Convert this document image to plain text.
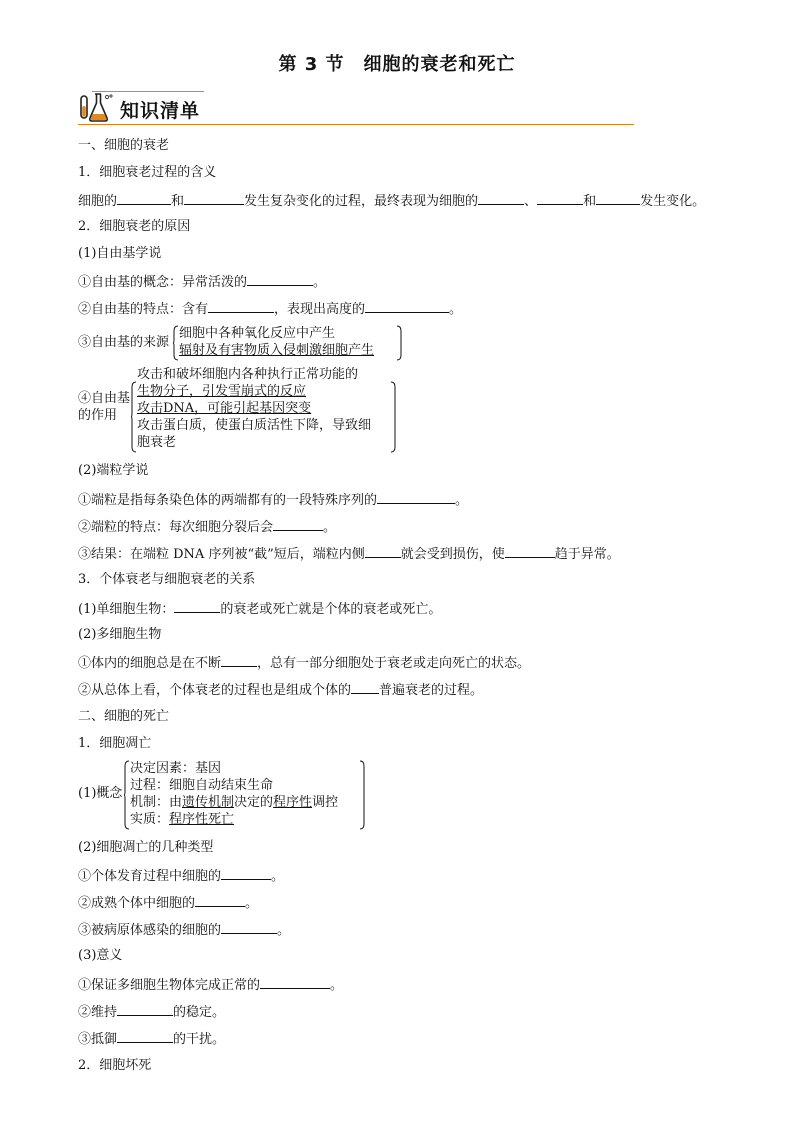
第 3 节　细胞的衰老和死亡
知识清单
一、细胞的衰老
1．细胞衰老过程的含义
细胞的	和	发生复杂变化的过程，最终表现为细胞的	、	和	发生变化。
2．细胞衰老的原因
(1)自由基学说
①自由基的概念：异常活泼的	。
②自由基的特点：含有	，表现出高度的	。
③自由基的来源
细胞中各种氧化反应中产生
辐射及有害物质入侵刺激细胞产生
④自由基
的作用
攻击和破坏细胞内各种执行正常功能的
生物分子，引发雪崩式的反应
攻击DNA，可能引起基因突变
攻击蛋白质，使蛋白质活性下降，导致细
胞衰老
(2)端粒学说
①端粒是指每条染色体的两端都有的一段特殊序列的	。
②端粒的特点：每次细胞分裂后会	。
③结果：在端粒 DNA 序列被“截”短后，端粒内侧	就会受到损伤，使	趋于异常。
3．个体衰老与细胞衰老的关系
(1)单细胞生物：	的衰老或死亡就是个体的衰老或死亡。
(2)多细胞生物
①体内的细胞总是在不断	，总有一部分细胞处于衰老或走向死亡的状态。
②从总体上看，个体衰老的过程也是组成个体的 普遍衰老的过程。
二、细胞的死亡
1．细胞凋亡
(1)概念
决定因素：基因
过程：细胞自动结束生命
机制：由遗传机制决定的程序性调控
实质：程序性死亡
(2)细胞凋亡的几种类型
①个体发育过程中细胞的	。
②成熟个体中细胞的	。
③被病原体感染的细胞的	。
(3)意义
①保证多细胞生物体完成正常的	。
②维持	的稳定。
③抵御	的干扰。
2．细胞坏死
